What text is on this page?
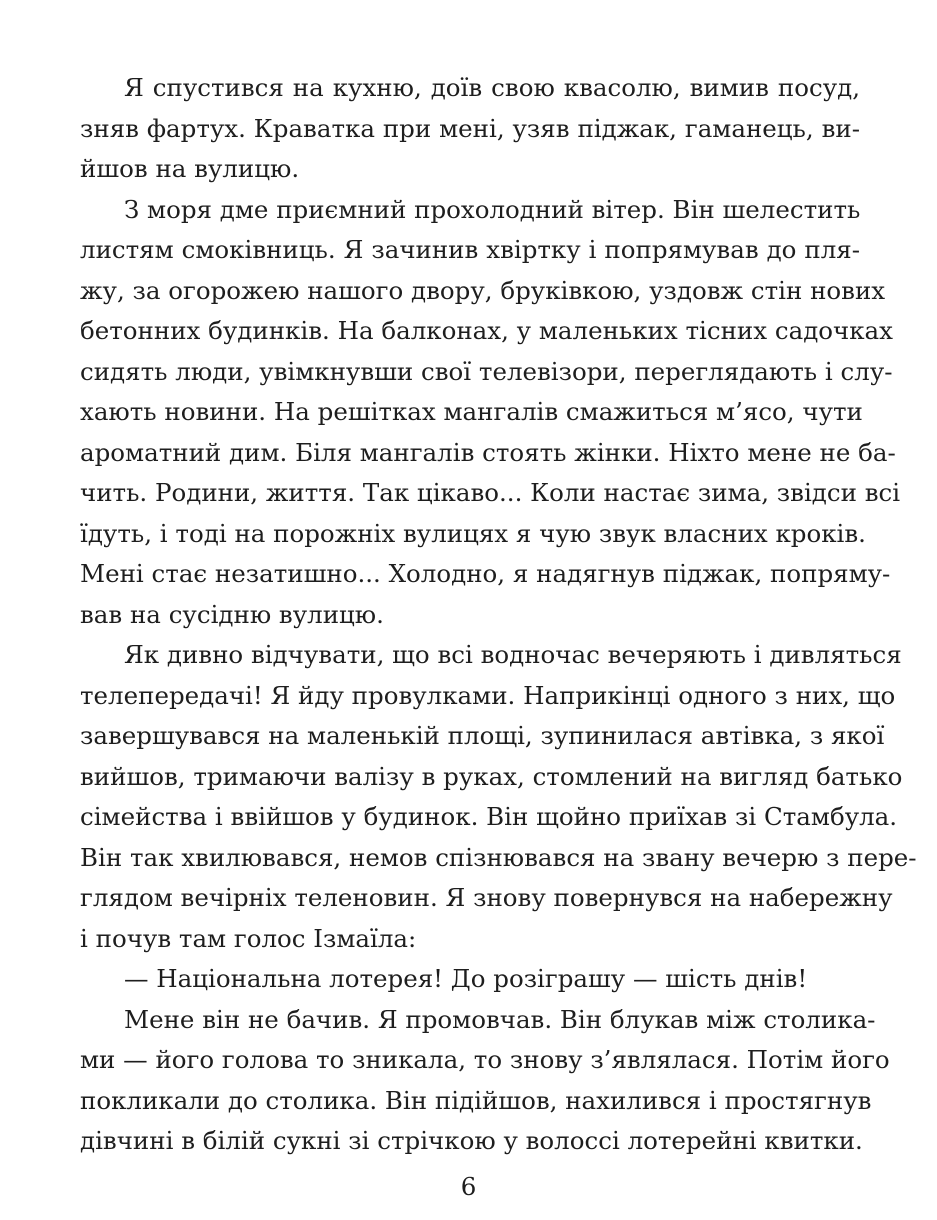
Я спустився на кухню, доїв свою квасолю, вимив посуд,
зняв фартух. Краватка при мені, узяв піджак, гаманець, ви-
йшов на вулицю.
З моря дме приємний прохолодний вітер. Він шелестить
листям смоківниць. Я зачинив хвіртку і попрямував до пля-
жу, за огорожею нашого двору, бруківкою, уздовж стін нових
бетонних будинків. На балконах, у маленьких тісних садочках
сидять люди, увімкнувши свої телевізори, переглядають і слу-
хають новини. На решітках мангалів смажиться м’ясо, чути
ароматний дим. Біля мангалів стоять жінки. Ніхто мене не ба-
чить. Родини, життя. Так цікаво... Коли настає зима, звідси всі
їдуть, і тоді на порожніх вулицях я чую звук власних кроків.
Мені стає незатишно... Холодно, я надягнув піджак, попряму-
вав на сусідню вулицю.
Як дивно відчувати, що всі водночас вечеряють і дивляться
телепередачі! Я йду провулками. Наприкінці одного з них, що
завершувався на маленькій площі, зупинилася автівка, з якої
вийшов, тримаючи валізу в руках, стомлений на вигляд батько
сімейства і ввійшов у будинок. Він щойно приїхав зі Стамбула.
Він так хвилювався, немов спізнювався на звану вечерю з пере-
глядом вечірніх теленовин. Я знову повернувся на набережну
і почув там голос Ізмаїла:
— Національна лотерея! До розіграшу — шість днів!
Мене він не бачив. Я промовчав. Він блукав між столика-
ми — його голова то зникала, то знову з’являлася. Потім його
покликали до столика. Він підійшов, нахилився і простягнув
дівчині в білій сукні зі стрічкою у волоссі лотерейні квитки.
6
